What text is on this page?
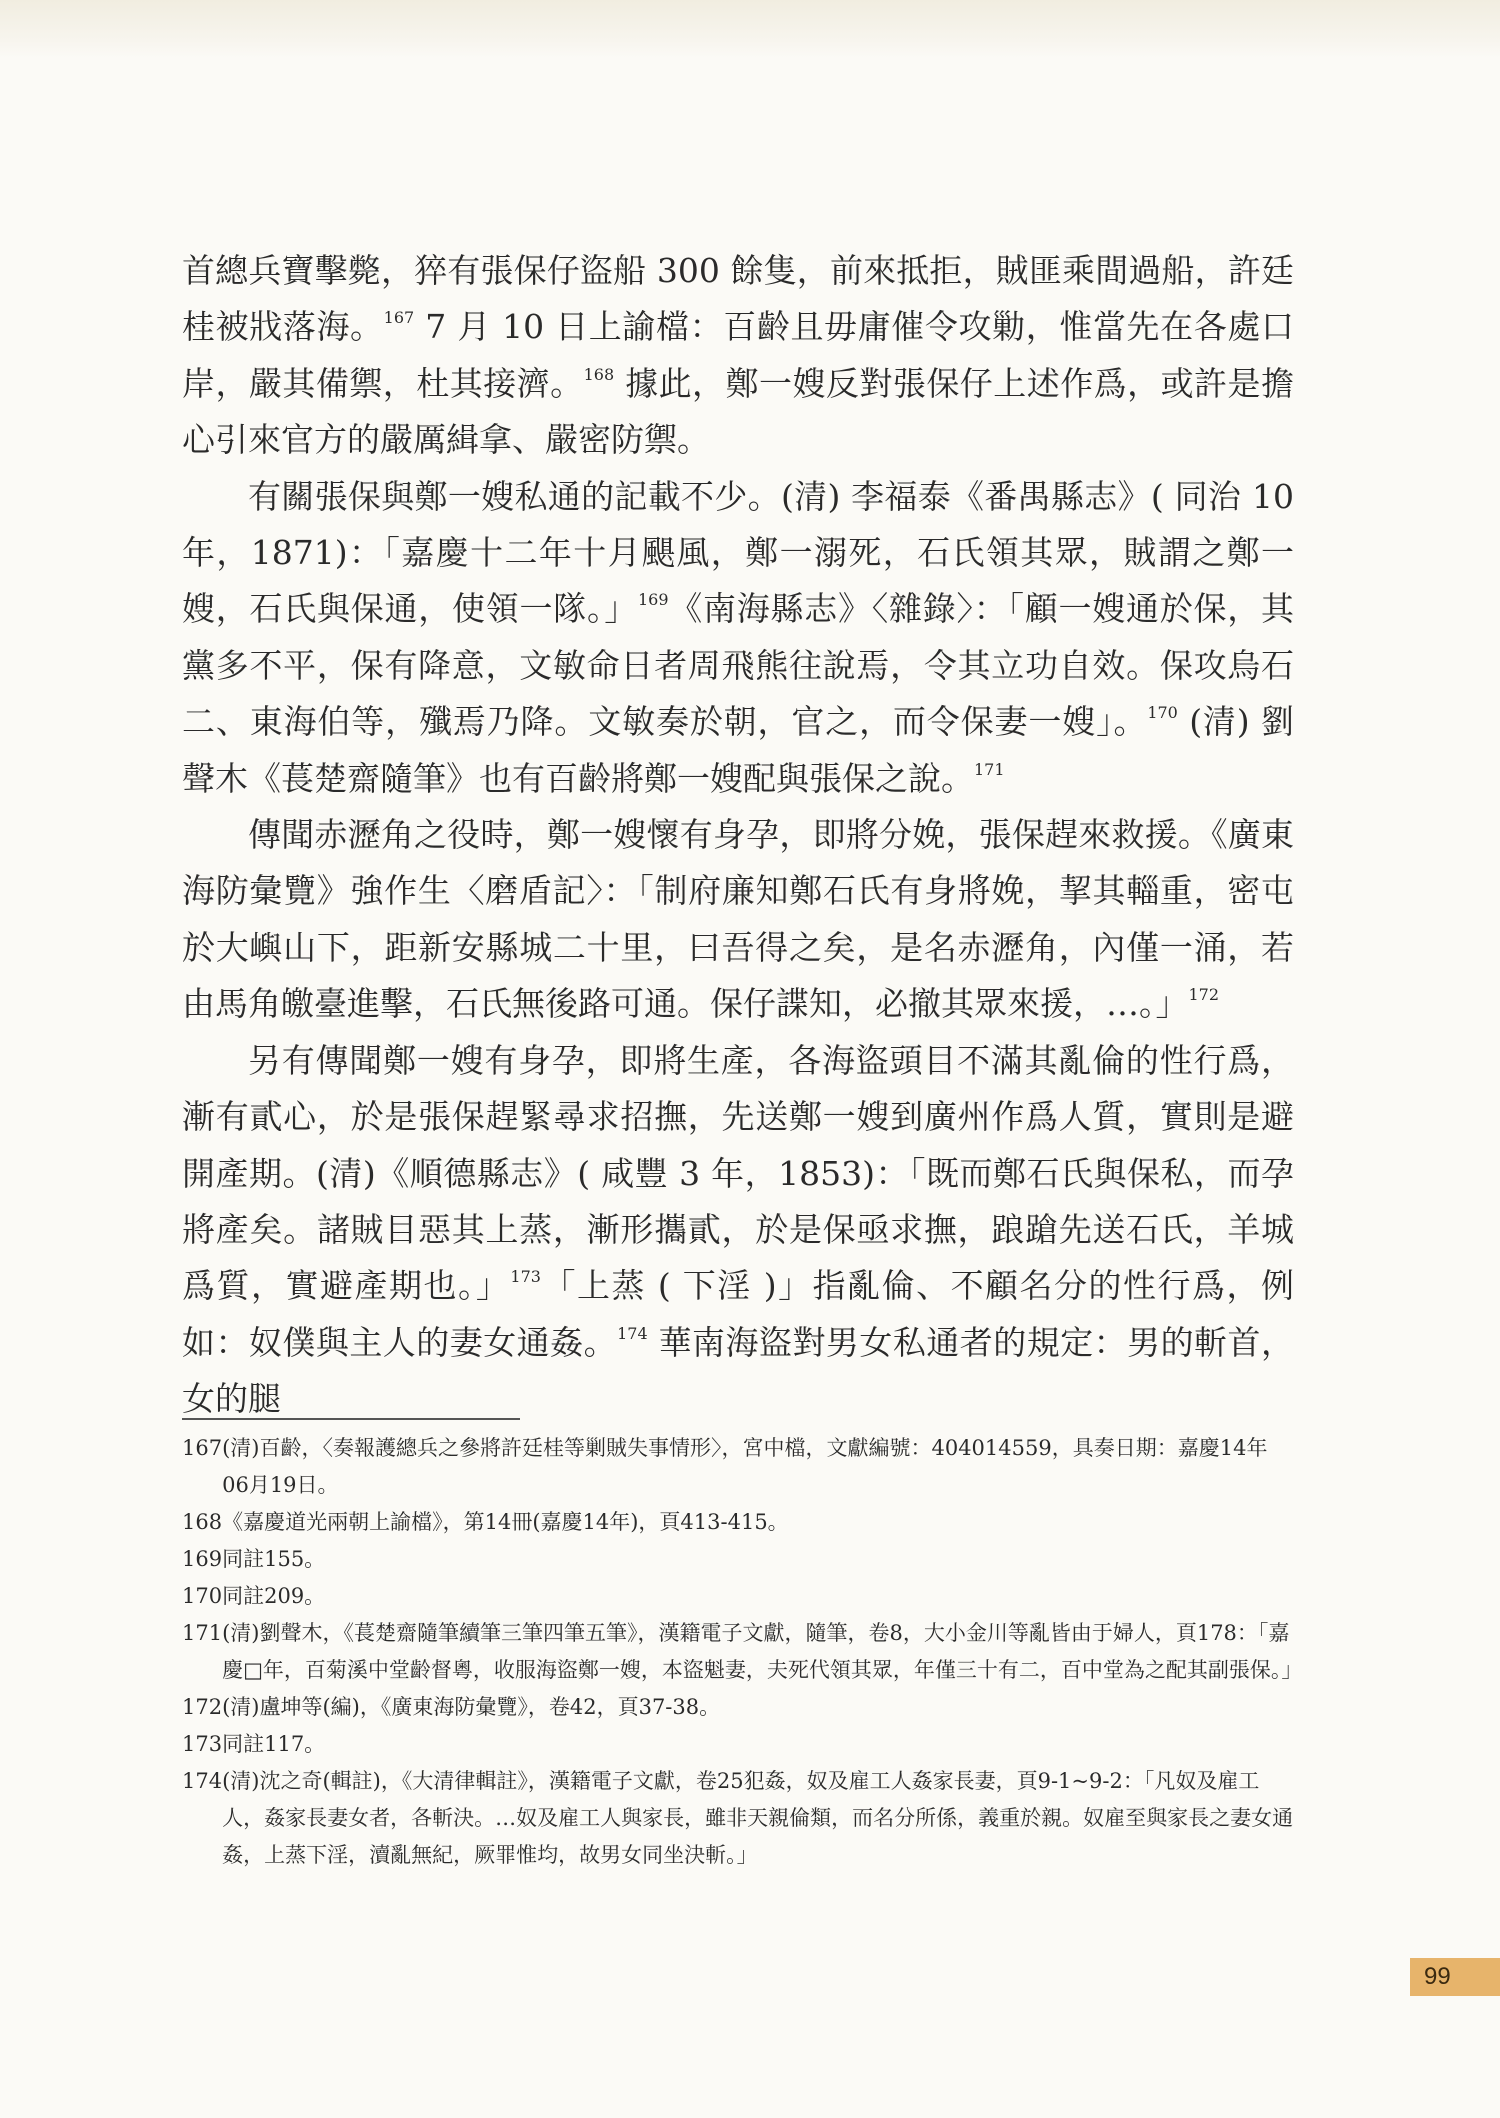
首總兵寶擊斃，猝有張保仔盜船 300 餘隻，前來抵拒，賊匪乘間過船，許廷桂被戕落海。$^{167}$ 7 月 10 日上諭檔：百齡且毋庸催令攻勦，惟當先在各處口岸，嚴其備禦，杜其接濟。$^{168}$ 據此，鄭一嫂反對張保仔上述作爲，或許是擔心引來官方的嚴厲緝拿、嚴密防禦。

有關張保與鄭一嫂私通的記載不少。(清) 李福泰《番禺縣志》( 同治 10 年，1871)：「嘉慶十二年十月颶風，鄭一溺死，石氏領其眾，賊謂之鄭一嫂，石氏與保通，使領一隊。」$^{169}$《南海縣志》〈雜錄〉：「顧一嫂通於保，其黨多不平，保有降意，文敏命日者周飛熊往說焉，令其立功自效。保攻烏石二、東海伯等，殲焉乃降。文敏奏於朝，官之，而令保妻一嫂」。$^{170}$ (清) 劉聲木《萇楚齋隨筆》也有百齡將鄭一嫂配與張保之說。$^{171}$

傳聞赤瀝角之役時，鄭一嫂懷有身孕，即將分娩，張保趕來救援。《廣東海防彙覽》強作生〈磨盾記〉：「制府廉知鄭石氏有身將娩，挈其輜重，密屯於大嶼山下，距新安縣城二十里，曰吾得之矣，是名赤瀝角，內僅一涌，若由馬角皦臺進擊，石氏無後路可通。保仔諜知，必撤其眾來援，…。」$^{172}$

另有傳聞鄭一嫂有身孕，即將生產，各海盜頭目不滿其亂倫的性行爲，漸有貳心，於是張保趕緊尋求招撫，先送鄭一嫂到廣州作爲人質，實則是避開產期。(清)《順德縣志》( 咸豐 3 年，1853)：「既而鄭石氏與保私，而孕將產矣。諸賊目惡其上蒸，漸形攜貳，於是保亟求撫，踉蹌先送石氏，羊城爲質，實避產期也。」$^{173}$「上蒸 ( 下淫 )」指亂倫、不顧名分的性行爲，例如：奴僕與主人的妻女通姦。$^{174}$ 華南海盜對男女私通者的規定：男的斬首，女的腿

167 (清)百齡，〈奏報護總兵之參將許廷桂等剿賊失事情形〉，宮中檔，文獻編號：404014559，具奏日期：嘉慶14年06月19日。
168 《嘉慶道光兩朝上諭檔》，第14冊(嘉慶14年)，頁413-415。
169 同註155。
170 同註209。
171 (清)劉聲木，《萇楚齋隨筆續筆三筆四筆五筆》，漢籍電子文獻，隨筆，卷8，大小金川等亂皆由于婦人，頁178：「嘉慶□年，百菊溪中堂齡督粵，收服海盜鄭一嫂，本盜魁妻，夫死代領其眾，年僅三十有二，百中堂為之配其副張保。」
172 (清)盧坤等(編)，《廣東海防彙覽》，卷42，頁37-38。
173 同註117。
174 (清)沈之奇(輯註)，《大清律輯註》，漢籍電子文獻，卷25犯姦，奴及雇工人姦家長妻，頁9-1~9-2：「凡奴及雇工人，姦家長妻女者，各斬決。…奴及雇工人與家長，雖非天親倫類，而名分所係，義重於親。奴雇至與家長之妻女通姦，上蒸下淫，瀆亂無紀，厥罪惟均，故男女同坐決斬。」
99
